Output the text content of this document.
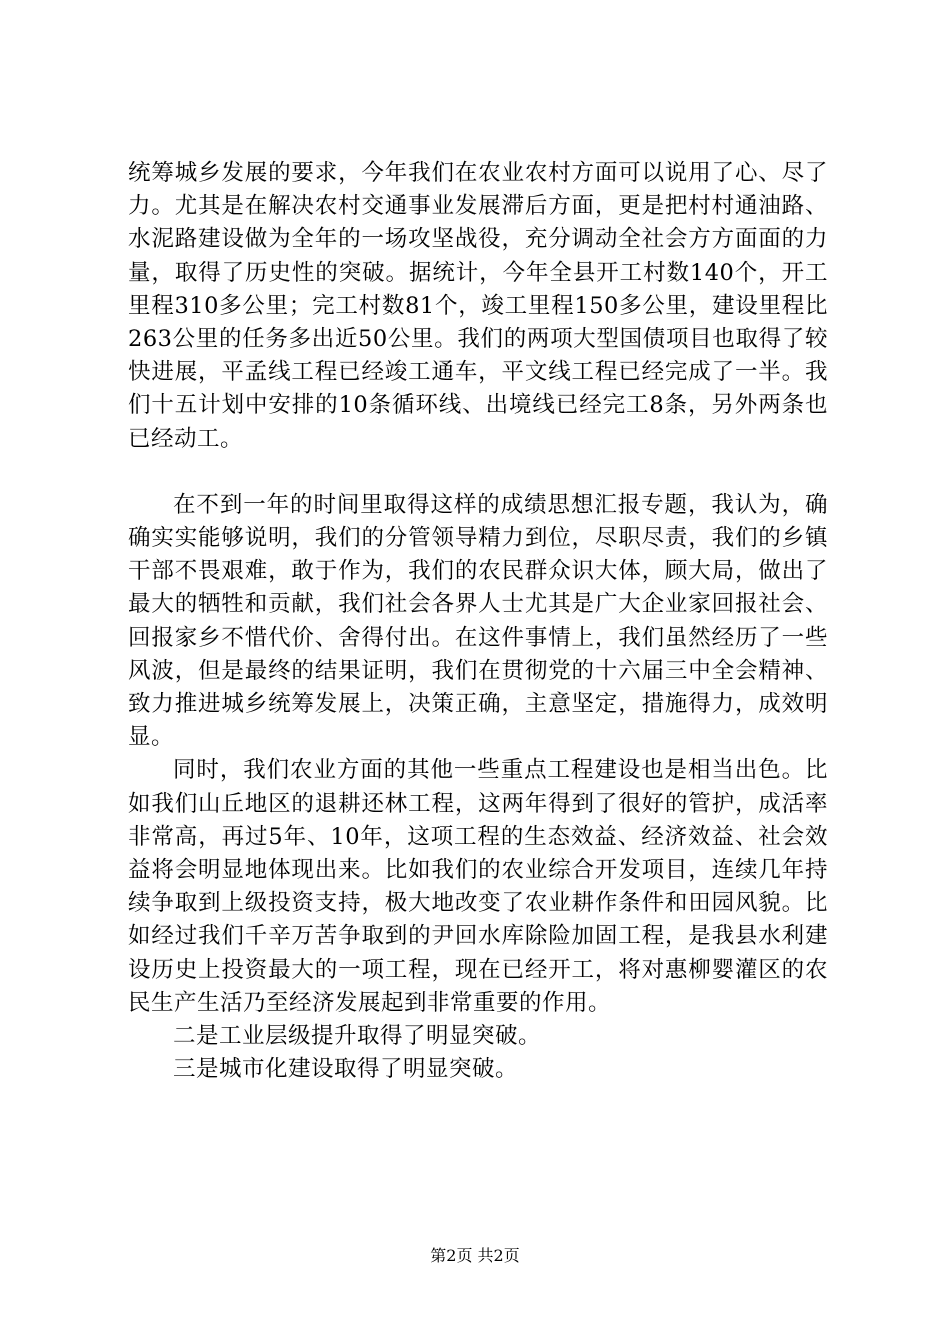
统筹城乡发展的要求，今年我们在农业农村方面可以说用了心、尽了力。尤其是在解决农村交通事业发展滞后方面，更是把村村通油路、水泥路建设做为全年的一场攻坚战役，充分调动全社会方方面面的力量，取得了历史性的突破。据统计，今年全县开工村数140个，开工里程310多公里；完工村数81个，竣工里程150多公里，建设里程比263公里的任务多出近50公里。我们的两项大型国债项目也取得了较快进展，平孟线工程已经竣工通车，平文线工程已经完成了一半。我们十五计划中安排的10条循环线、出境线已经完工8条，另外两条也已经动工。

在不到一年的时间里取得这样的成绩思想汇报专题，我认为，确确实实能够说明，我们的分管领导精力到位，尽职尽责，我们的乡镇干部不畏艰难，敢于作为，我们的农民群众识大体，顾大局，做出了最大的牺牲和贡献，我们社会各界人士尤其是广大企业家回报社会、回报家乡不惜代价、舍得付出。在这件事情上，我们虽然经历了一些风波，但是最终的结果证明，我们在贯彻党的十六届三中全会精神、致力推进城乡统筹发展上，决策正确，主意坚定，措施得力，成效明显。

同时，我们农业方面的其他一些重点工程建设也是相当出色。比如我们山丘地区的退耕还林工程，这两年得到了很好的管护，成活率非常高，再过5年、10年，这项工程的生态效益、经济效益、社会效益将会明显地体现出来。比如我们的农业综合开发项目，连续几年持续争取到上级投资支持，极大地改变了农业耕作条件和田园风貌。比如经过我们千辛万苦争取到的尹回水库除险加固工程，是我县水利建设历史上投资最大的一项工程，现在已经开工，将对惠柳婴灌区的农民生产生活乃至经济发展起到非常重要的作用。

二是工业层级提升取得了明显突破。

三是城市化建设取得了明显突破。

第2页 共2页
